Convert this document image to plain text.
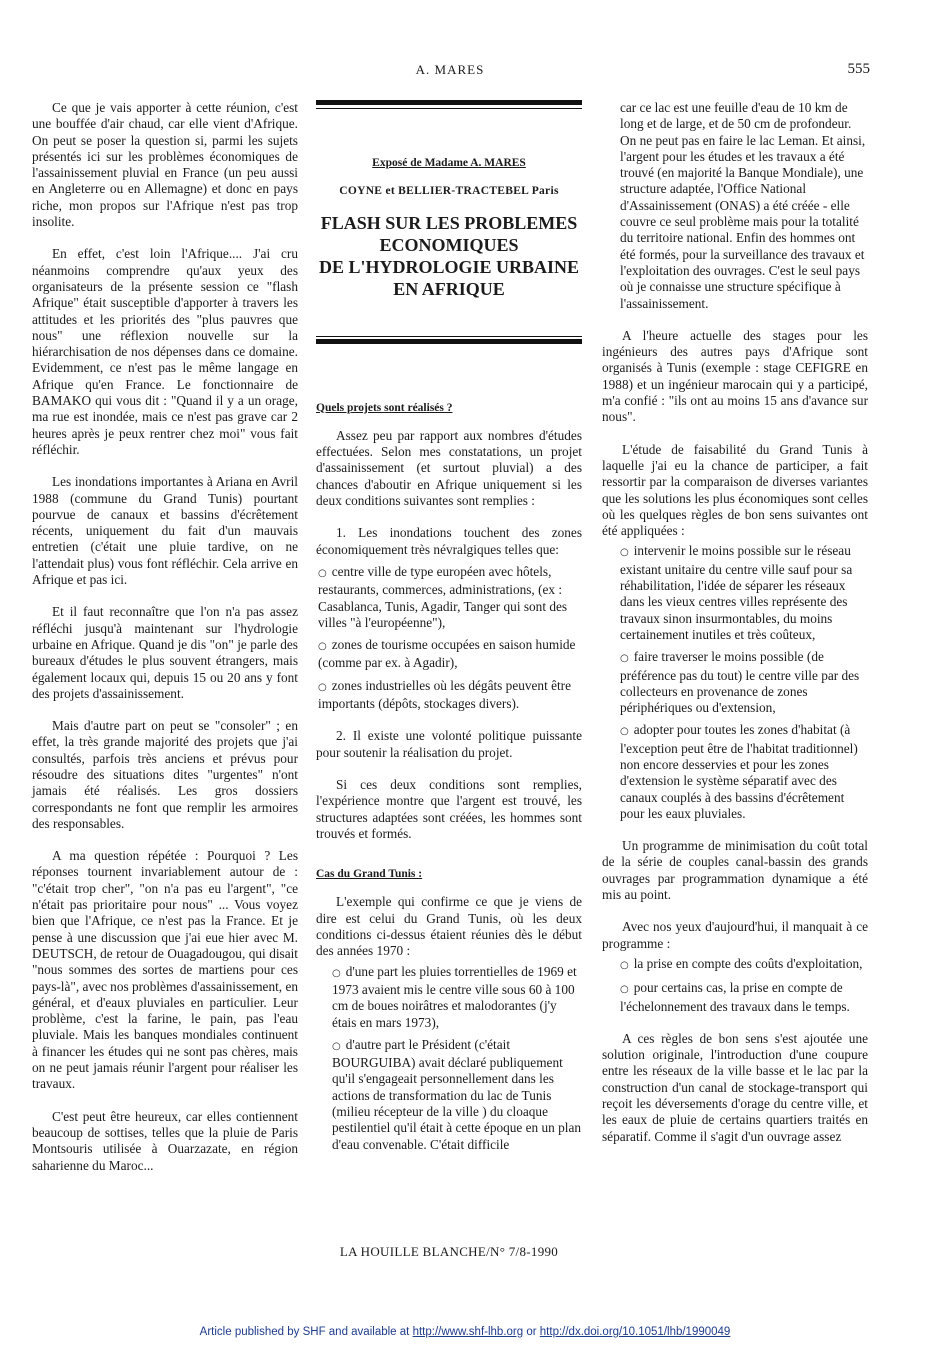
A. MARES	555

Ce que je vais apporter à cette réunion, c'est une bouffée d'air chaud, car elle vient d'Afrique. On peut se poser la question si, parmi les sujets présentés ici sur les problèmes économiques de l'assainissement pluvial en France (un peu aussi en Angleterre ou en Allemagne) et donc en pays riche, mon propos sur l'Afrique n'est pas trop insolite.

En effet, c'est loin l'Afrique.... J'ai cru néanmoins comprendre qu'aux yeux des organisateurs de la présente session ce "flash Afrique" était susceptible d'apporter à travers les attitudes et les priorités des "plus pauvres que nous" une réflexion nouvelle sur la hiérarchisation de nos dépenses dans ce domaine. Evidemment, ce n'est pas le même langage en Afrique qu'en France. Le fonctionnaire de BAMAKO qui vous dit : "Quand il y a un orage, ma rue est inondée, mais ce n'est pas grave car 2 heures après je peux rentrer chez moi" vous fait réfléchir.

Les inondations importantes à Ariana en Avril 1988 (commune du Grand Tunis) pourtant pourvue de canaux et bassins d'écrêtement récents, uniquement du fait d'un mauvais entretien (c'était une pluie tardive, on ne l'attendait plus) vous font réfléchir. Cela arrive en Afrique et pas ici.

Et il faut reconnaître que l'on n'a pas assez réfléchi jusqu'à maintenant sur l'hydrologie urbaine en Afrique. Quand je dis "on" je parle des bureaux d'études le plus souvent étrangers, mais également locaux qui, depuis 15 ou 20 ans y font des projets d'assainissement.

Mais d'autre part on peut se "consoler" ; en effet, la très grande majorité des projets que j'ai consultés, parfois très anciens et prévus pour résoudre des situations dites "urgentes" n'ont jamais été réalisés. Les gros dossiers correspondants ne font que remplir les armoires des responsables.

A ma question répétée : Pourquoi ? Les réponses tournent invariablement autour de : "c'était trop cher", "on n'a pas eu l'argent", "ce n'était pas prioritaire pour nous" ... Vous voyez bien que l'Afrique, ce n'est pas la France. Et je pense à une discussion que j'ai eue hier avec M. DEUTSCH, de retour de Ouagadougou, qui disait "nous sommes des sortes de martiens pour ces pays-là", avec nos problèmes d'assainissement, en général, et d'eaux pluviales en particulier. Leur problème, c'est la farine, le pain, pas l'eau pluviale. Mais les banques mondiales continuent à financer les études qui ne sont pas chères, mais on ne peut jamais réunir l'argent pour réaliser les travaux.

C'est peut être heureux, car elles contiennent beaucoup de sottises, telles que la pluie de Paris Montsouris utilisée à Ouarzazate, en région saharienne du Maroc...

Exposé de Madame A. MARES
COYNE et BELLIER-TRACTEBEL Paris
FLASH SUR LES PROBLEMES
ECONOMIQUES
DE L'HYDROLOGIE URBAINE
EN AFRIQUE
Quels projets sont réalisés ?

Assez peu par rapport aux nombres d'études effectuées. Selon mes constatations, un projet d'assainissement (et surtout pluvial) a des chances d'aboutir en Afrique uniquement si les deux conditions suivantes sont remplies :

1. Les inondations touchent des zones économiquement très névralgiques telles que:

○ centre ville de type européen avec hôtels, restaurants, commerces, administrations, (ex : Casablanca, Tunis, Agadir, Tanger qui sont des villes "à l'européenne"),
○ zones de tourisme occupées en saison humide (comme par ex. à Agadir),
○ zones industrielles où les dégâts peuvent être importants (dépôts, stockages divers).

2. Il existe une volonté politique puissante pour soutenir la réalisation du projet.

Si ces deux conditions sont remplies, l'expérience montre que l'argent est trouvé, les structures adaptées sont créées, les hommes sont trouvés et formés.

Cas du Grand Tunis :

L'exemple qui confirme ce que je viens de dire est celui du Grand Tunis, où les deux conditions ci-dessus étaient réunies dès le début des années 1970 :

○ d'une part les pluies torrentielles de 1969 et 1973 avaient mis le centre ville sous 60 à 100 cm de boues noirâtres et malodorantes (j'y étais en mars 1973),
○ d'autre part le Président (c'était BOURGUIBA) avait déclaré publiquement qu'il s'engageait personnellement dans les actions de transformation du lac de Tunis (milieu récepteur de la ville ) du cloaque pestilentiel qu'il était à cette époque en un plan d'eau convenable. C'était difficile

car ce lac est une feuille d'eau de 10 km de long et de large, et de 50 cm de profondeur. On ne peut pas en faire le lac Leman. Et ainsi, l'argent pour les études et les travaux a été trouvé (en majorité la Banque Mondiale), une structure adaptée, l'Office National d'Assainissement (ONAS) a été créée - elle couvre ce seul problème mais pour la totalité du territoire national. Enfin des hommes ont été formés, pour la surveillance des travaux et l'exploitation des ouvrages. C'est le seul pays où je connaisse une structure spécifique à l'assainissement.

A l'heure actuelle des stages pour les ingénieurs des autres pays d'Afrique sont organisés à Tunis (exemple : stage CEFIGRE en 1988) et un ingénieur marocain qui y a participé, m'a confié : "ils ont au moins 15 ans d'avance sur nous".

L'étude de faisabilité du Grand Tunis à laquelle j'ai eu la chance de participer, a fait ressortir par la comparaison de diverses variantes que les solutions les plus économiques sont celles où les quelques règles de bon sens suivantes ont été appliquées :

○ intervenir le moins possible sur le réseau existant unitaire du centre ville sauf pour sa réhabilitation, l'idée de séparer les réseaux dans les vieux centres villes représente des travaux sinon insurmontables, du moins certainement inutiles et très coûteux,
○ faire traverser le moins possible (de préférence pas du tout) le centre ville par des collecteurs en provenance de zones périphériques ou d'extension,
○ adopter pour toutes les zones d'habitat (à l'exception peut être de l'habitat traditionnel) non encore desservies et pour les zones d'extension le système séparatif avec des canaux couplés à des bassins d'écrêtement pour les eaux pluviales.

Un programme de minimisation du coût total de la série de couples canal-bassin des grands ouvrages par programmation dynamique a été mis au point.

Avec nos yeux d'aujourd'hui, il manquait à ce programme :

○ la prise en compte des coûts d'exploitation,
○ pour certains cas, la prise en compte de l'échelonnement des travaux dans le temps.

A ces règles de bon sens s'est ajoutée une solution originale, l'introduction d'une coupure entre les réseaux de la ville basse et le lac par la construction d'un canal de stockage-transport qui reçoit les déversements d'orage du centre ville, et les eaux de pluie de certains quartiers traités en séparatif. Comme il s'agit d'un ouvrage assez

LA HOUILLE BLANCHE/N° 7/8-1990
Article published by SHF and available at http://www.shf-lhb.org or http://dx.doi.org/10.1051/lhb/1990049
